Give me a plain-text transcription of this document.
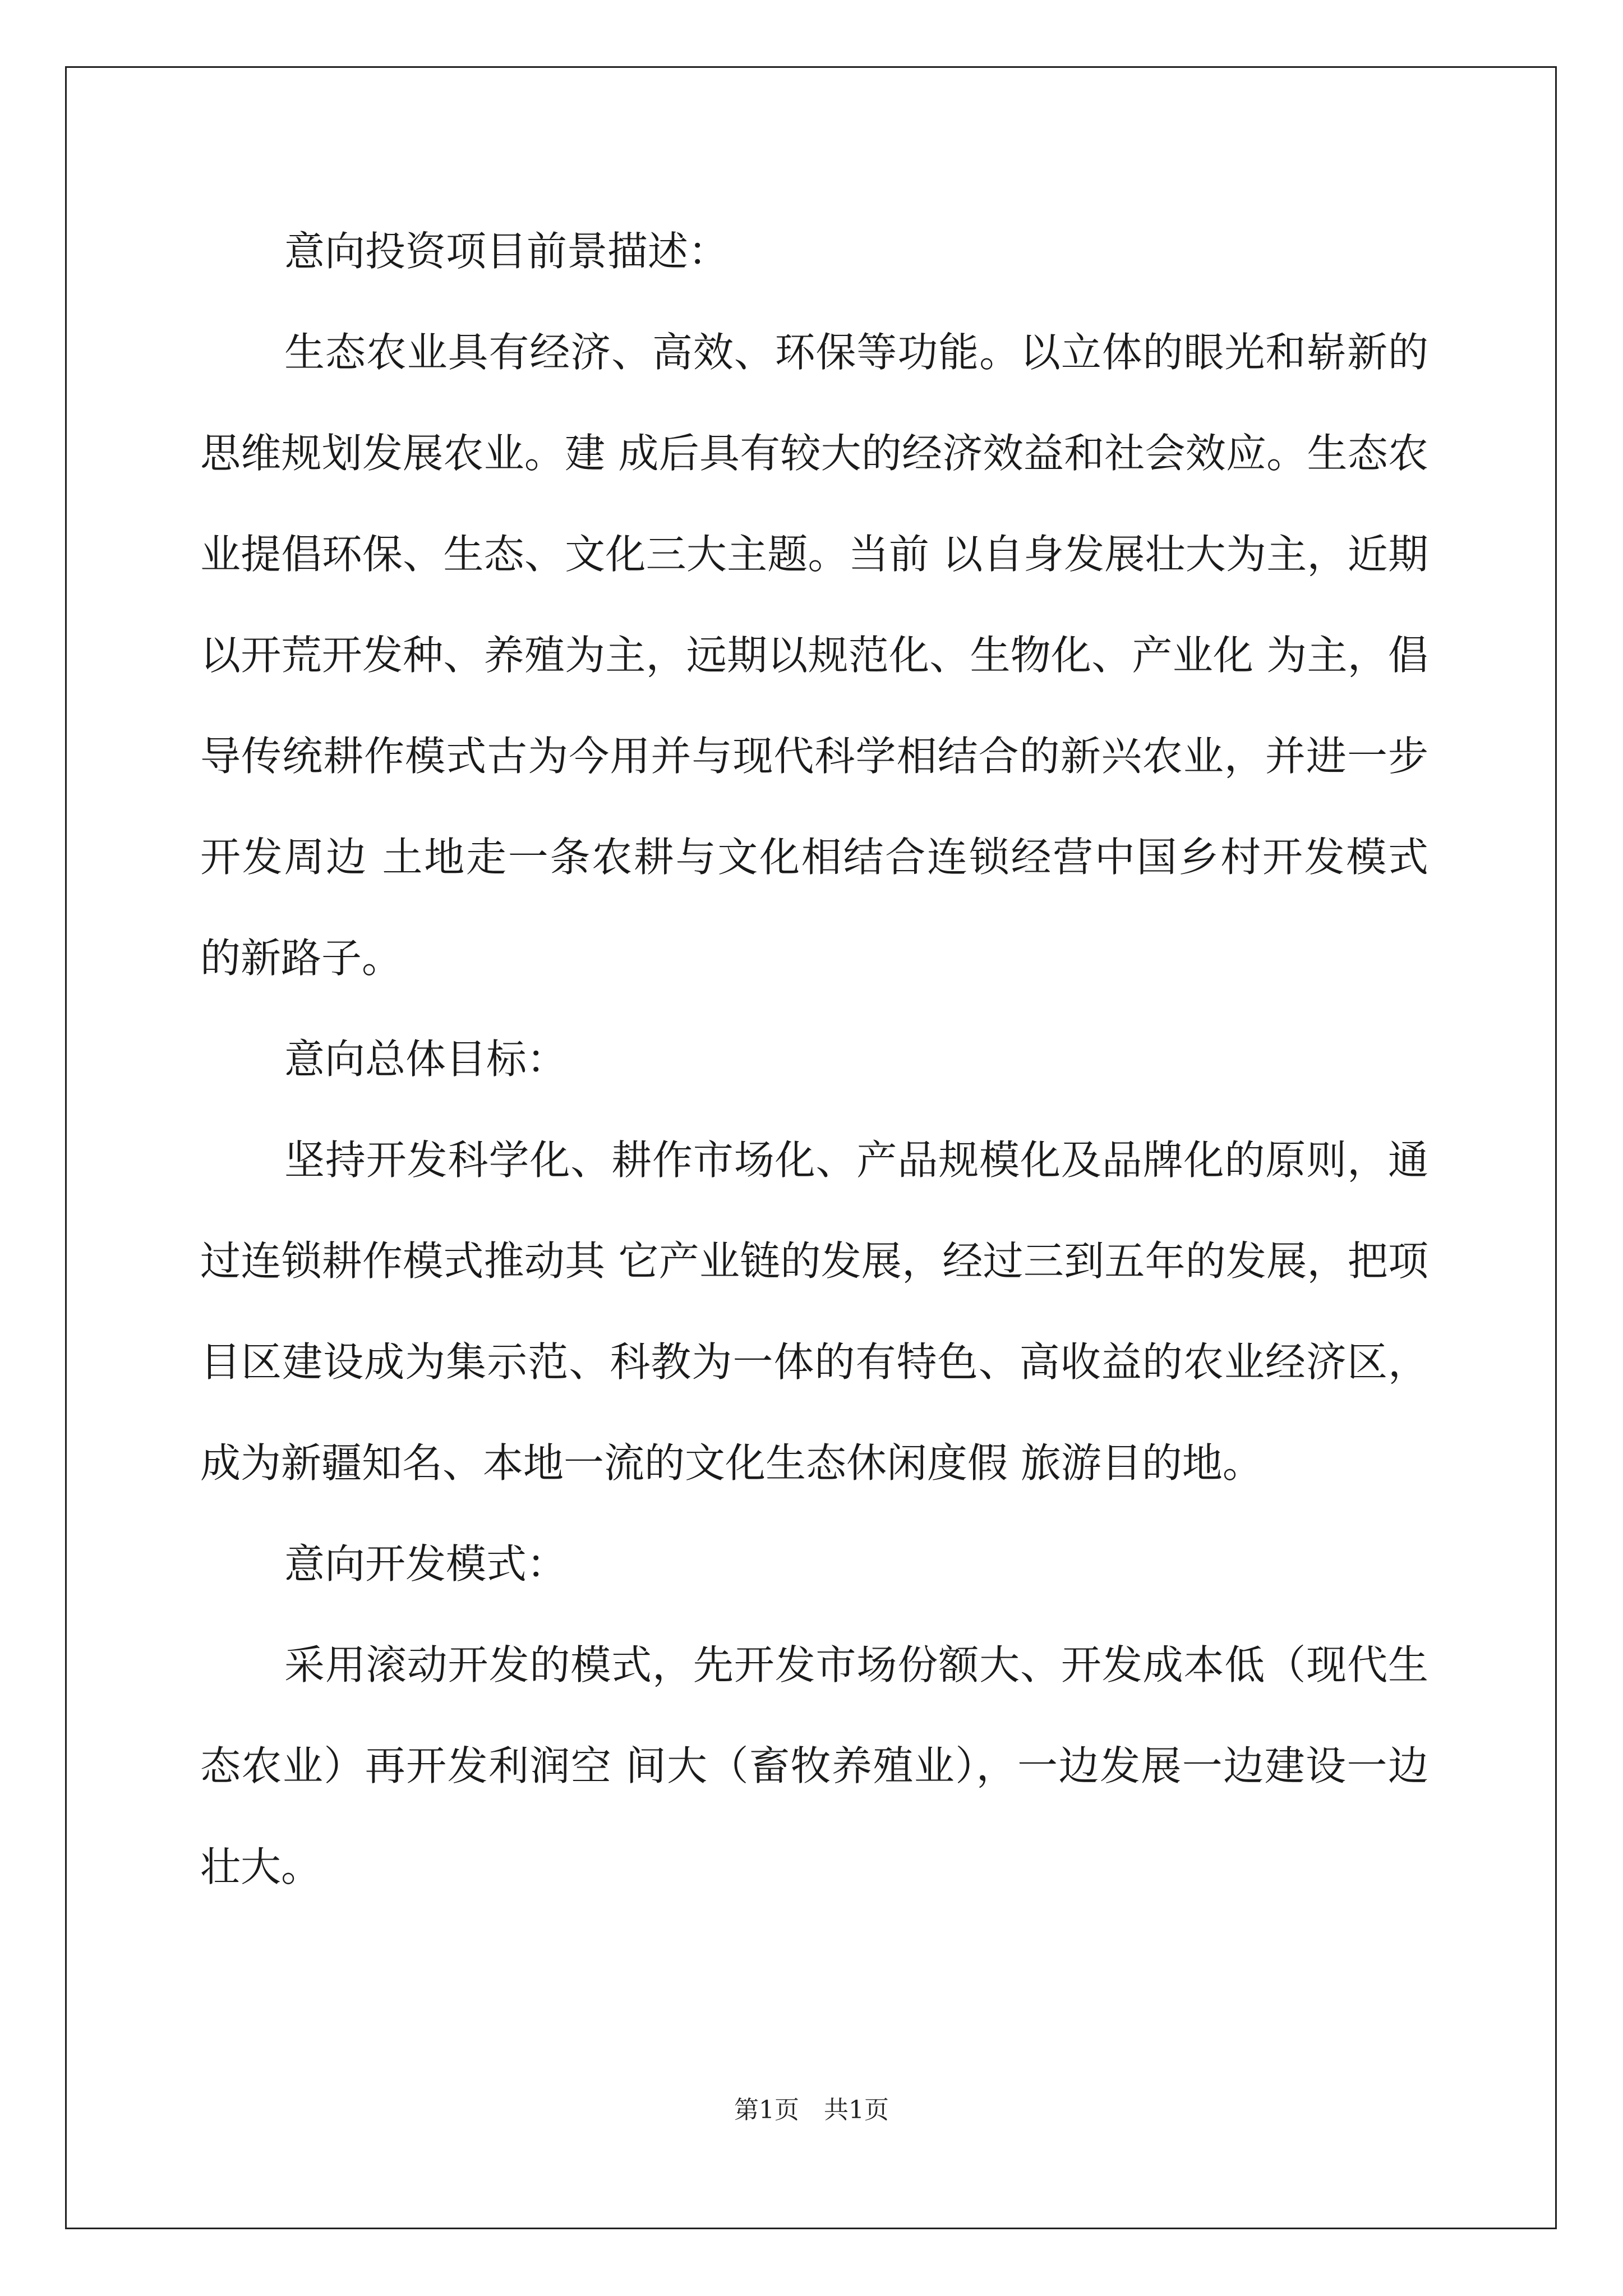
意向投资项目前景描述：
生态农业具有经济、高效、环保等功能。以立体的眼光和崭新的
思维规划发展农业。建 成后具有较大的经济效益和社会效应。生态农
业提倡环保、生态、文化三大主题。当前 以自身发展壮大为主，近期
以开荒开发种、养殖为主，远期以规范化、生物化、产业化 为主，倡
导传统耕作模式古为今用并与现代科学相结合的新兴农业，并进一步
开发周边 土地走一条农耕与文化相结合连锁经营中国乡村开发模式
的新路子。
意向总体目标：
坚持开发科学化、耕作市场化、产品规模化及品牌化的原则，通
过连锁耕作模式推动其 它产业链的发展，经过三到五年的发展，把项
目区建设成为集示范、科教为一体的有特色、高收益的农业经济区，
成为新疆知名、本地一流的文化生态休闲度假 旅游目的地。
意向开发模式：
采用滚动开发的模式，先开发市场份额大、开发成本低（现代生
态农业）再开发利润空 间大（畜牧养殖业），一边发展一边建设一边
壮大。
第1页　共1页
